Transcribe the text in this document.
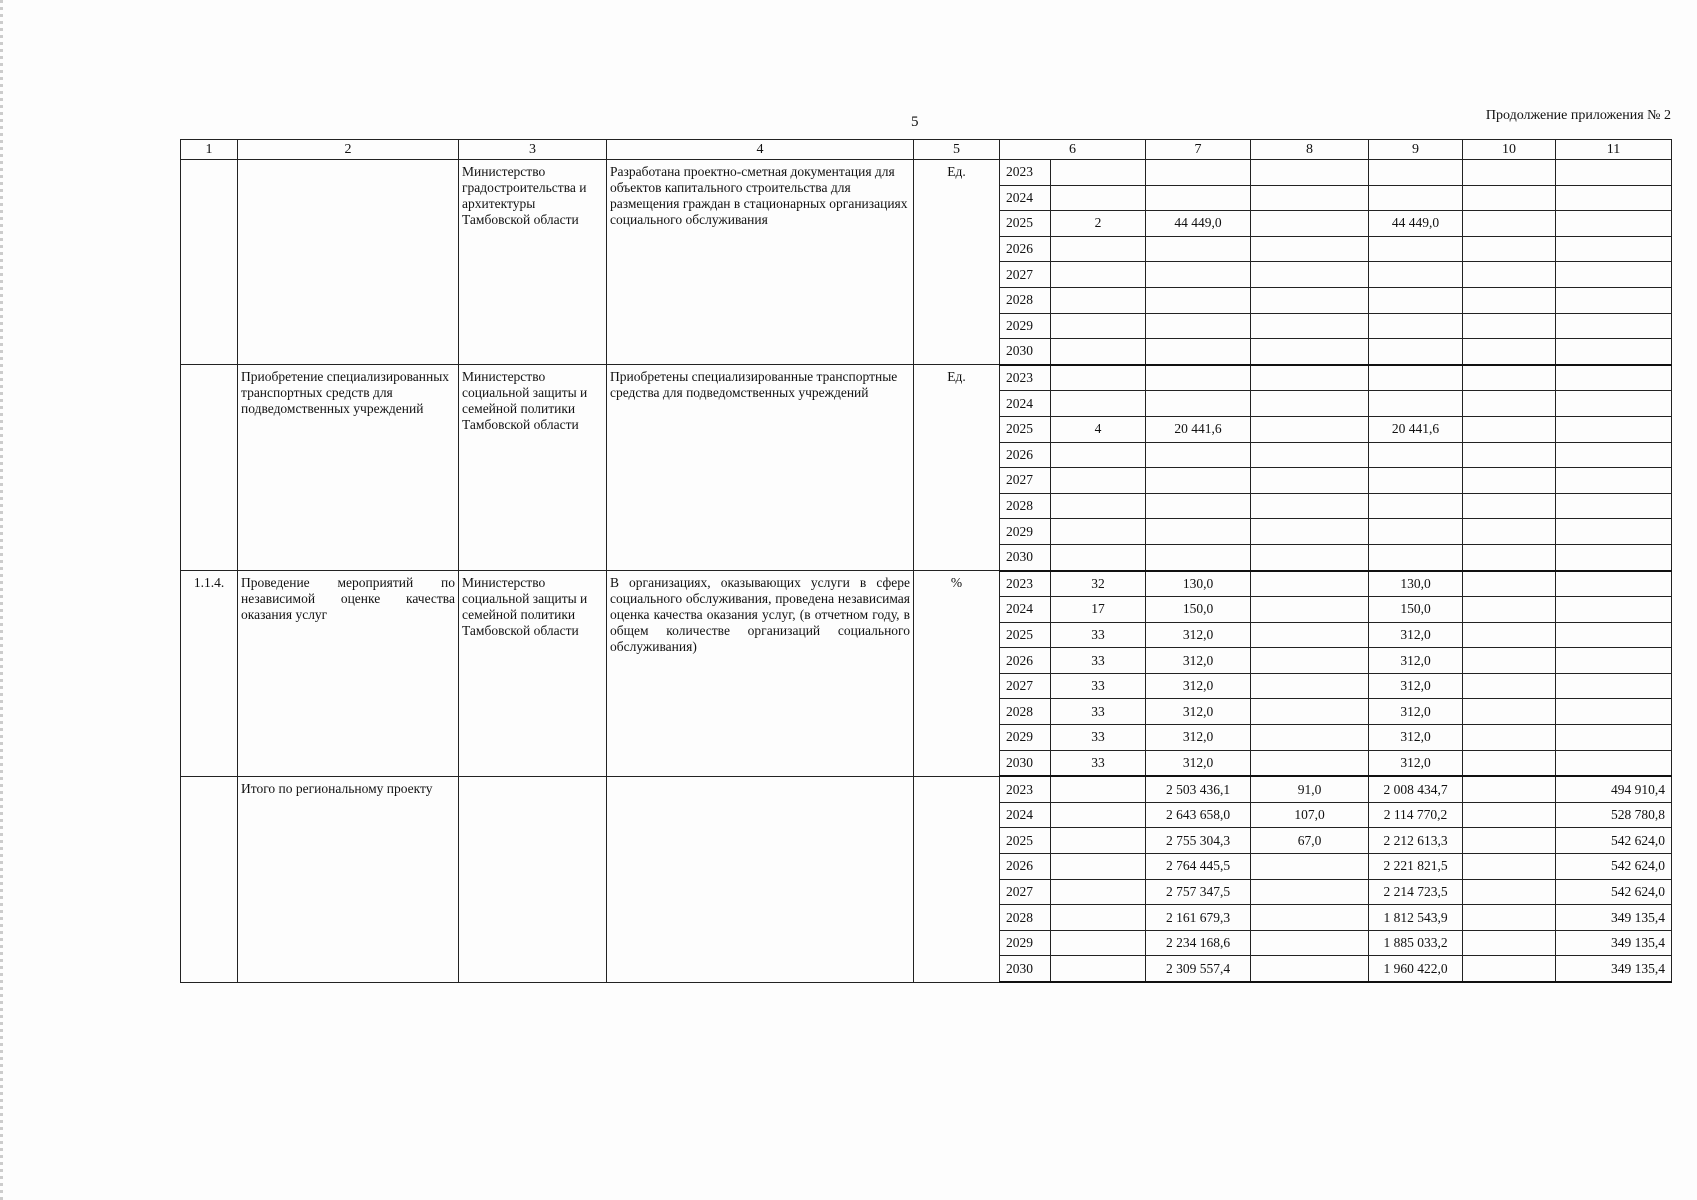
5	Продолжение приложения № 2
1	2	3	4	5	6		7	8	9	10	11
		Министерство градостроительства и архитектуры Тамбовской области	Разработана проектно-сметная документация для объектов капитального строительства для размещения граждан в стационарных организациях социального обслуживания	Ед.	2023						
					2024						
					2025	2	44 449,0		44 449,0		
					2026						
					2027						
					2028						
					2029						
					2030						
	Приобретение специализированных транспортных средств для подведомственных учреждений	Министерство социальной защиты и семейной политики Тамбовской области	Приобретены специализированные транспортные средства для подведомственных учреждений	Ед.	2023						
					2024						
					2025	4	20 441,6		20 441,6		
					2026						
					2027						
					2028						
					2029						
					2030						
1.1.4.	Проведение мероприятий по независимой оценке качества оказания услуг	Министерство социальной защиты и семейной политики Тамбовской области	В организациях, оказывающих услуги в сфере социального обслуживания, проведена независимая оценка качества оказания услуг, (в отчетном году, в общем количестве организаций социального обслуживания)	%	2023	32	130,0		130,0		
					2024	17	150,0		150,0		
					2025	33	312,0		312,0		
					2026	33	312,0		312,0		
					2027	33	312,0		312,0		
					2028	33	312,0		312,0		
					2029	33	312,0		312,0		
					2030	33	312,0		312,0		
	Итого по региональному проекту				2023		2 503 436,1	91,0	2 008 434,7		494 910,4
					2024		2 643 658,0	107,0	2 114 770,2		528 780,8
					2025		2 755 304,3	67,0	2 212 613,3		542 624,0
					2026		2 764 445,5		2 221 821,5		542 624,0
					2027		2 757 347,5		2 214 723,5		542 624,0
					2028		2 161 679,3		1 812 543,9		349 135,4
					2029		2 234 168,6		1 885 033,2		349 135,4
					2030		2 309 557,4		1 960 422,0		349 135,4
